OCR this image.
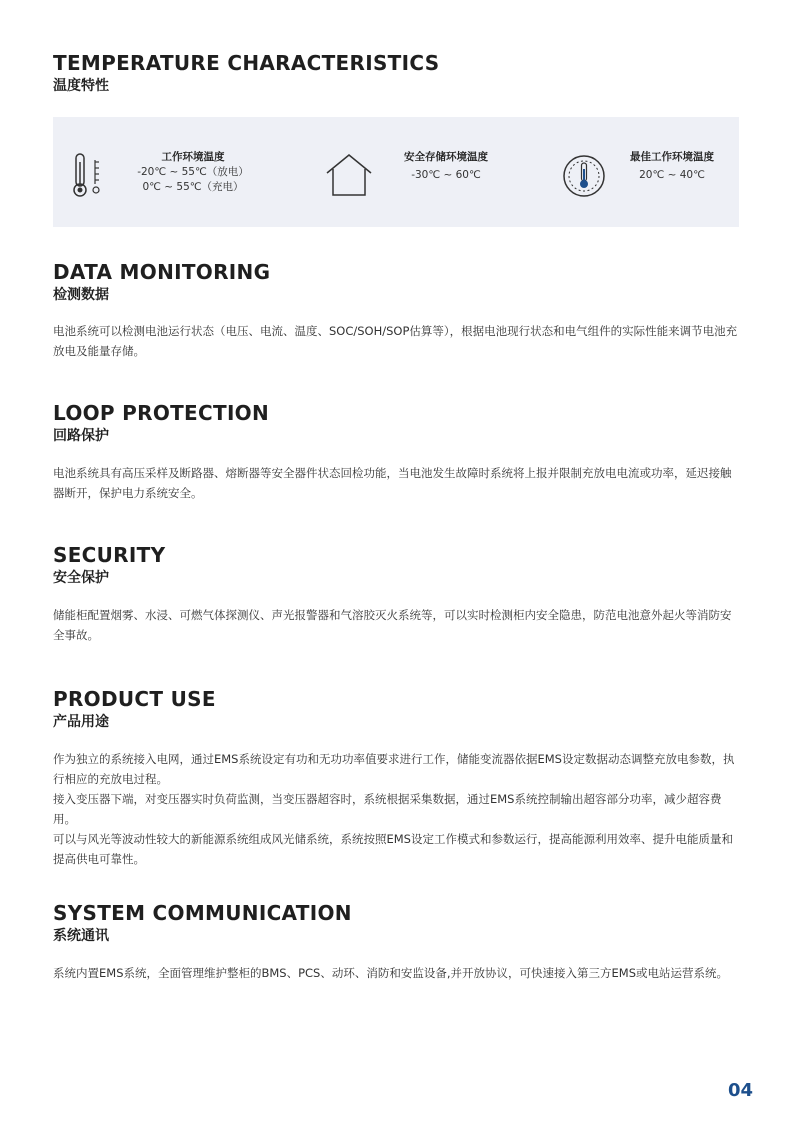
TEMPERATURE CHARACTERISTICS
温度特性
工作环境温度
-20℃ ~ 55℃（放电）
0℃ ~ 55℃（充电）
安全存储环境温度
-30℃ ~ 60℃
最佳工作环境温度
20℃ ~ 40℃
DATA MONITORING
检测数据

电池系统可以检测电池运行状态（电压、电流、温度、SOC/SOH/SOP估算等），根据电池现行状态和电气组件的实际性能来调节电池充放电及能量存储。

LOOP PROTECTION
回路保护

电池系统具有高压采样及断路器、熔断器等安全器件状态回检功能，当电池发生故障时系统将上报并限制充放电电流或功率，延迟接触器断开，保护电力系统安全。

SECURITY
安全保护

储能柜配置烟雾、水浸、可燃气体探测仪、声光报警器和气溶胶灭火系统等，可以实时检测柜内安全隐患，防范电池意外起火等消防安全事故。

PRODUCT USE
产品用途

作为独立的系统接入电网，通过EMS系统设定有功和无功功率值要求进行工作，储能变流器依据EMS设定数据动态调整充放电参数，执行相应的充放电过程。

接入变压器下端，对变压器实时负荷监测，当变压器超容时，系统根据采集数据，通过EMS系统控制输出超容部分功率，减少超容费用。

可以与风光等波动性较大的新能源系统组成风光储系统，系统按照EMS设定工作模式和参数运行，提高能源利用效率、提升电能质量和提高供电可靠性。

SYSTEM COMMUNICATION
系统通讯

系统内置EMS系统，全面管理维护整柜的BMS、PCS、动环、消防和安监设备,并开放协议，可快速接入第三方EMS或电站运营系统。

04
